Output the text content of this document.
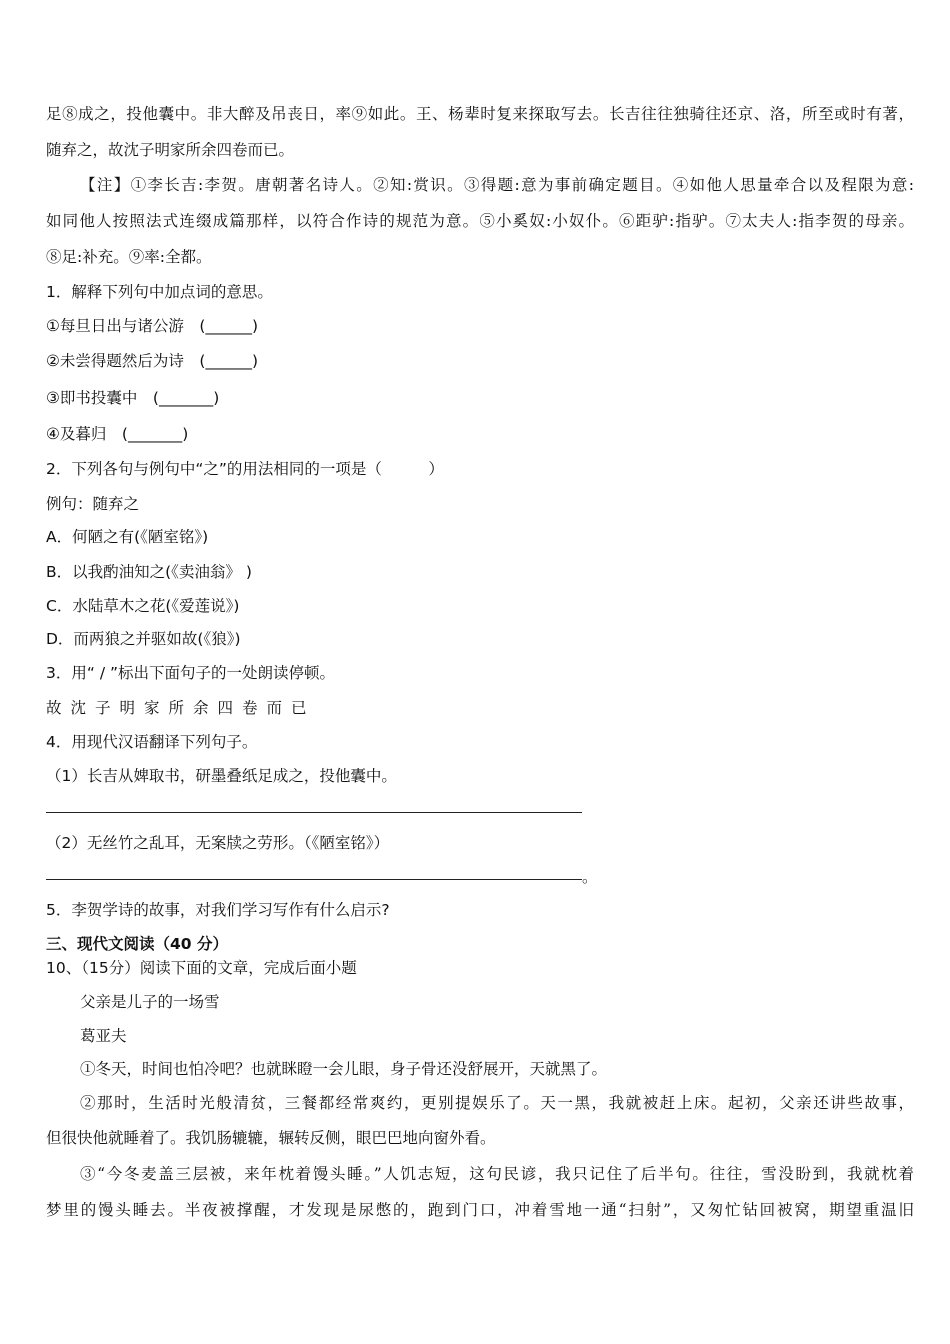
足⑧成之，投他囊中。非大醉及吊丧日，率⑨如此。王、杨辈时复来探取写去。长吉往往独骑往还京、洛，所至或时有著，
随弃之，故沈子明家所余四卷而已。
【注】①李长吉:李贺。唐朝著名诗人。②知:赏识。③得题:意为事前确定题目。④如他人思量牵合以及程限为意:
如同他人按照法式连缀成篇那样，以符合作诗的规范为意。⑤小奚奴:小奴仆。⑥距驴:指驴。⑦太夫人:指李贺的母亲。
⑧足:补充。⑨率:全都。
1．解释下列句中加点词的意思。
①每旦日出与诸公游　(______)
②未尝得题然后为诗　(______)
③即书投囊中　(_______)
④及暮归　(_______)
2．下列各句与例句中“之”的用法相同的一项是（　　　）
例句：随弃之
A．何陋之有(《陋室铭》)
B．以我酌油知之(《卖油翁》 )
C．水陆草木之花(《爱莲说》)
D．而两狼之并驱如故(《狼》)
3．用“ / ”标出下面句子的一处朗读停顿。
故沈子明家所余四卷而已
4．用现代汉语翻译下列句子。
（1）长吉从婢取书，研墨叠纸足成之，投他囊中。
（2）无丝竹之乱耳，无案牍之劳形。（《陋室铭》）
。
5．李贺学诗的故事，对我们学习写作有什么启示?
三、现代文阅读（40 分）
10、（15分）阅读下面的文章，完成后面小题
父亲是儿子的一场雪
葛亚夫
①冬天，时间也怕冷吧？也就眯瞪一会儿眼，身子骨还没舒展开，天就黑了。
②那时，生活时光般清贫，三餐都经常爽约，更别提娱乐了。天一黑，我就被赶上床。起初，父亲还讲些故事，
但很快他就睡着了。我饥肠辘辘，辗转反侧，眼巴巴地向窗外看。
③“今冬麦盖三层被，来年枕着馒头睡。”人饥志短，这句民谚，我只记住了后半句。往往，雪没盼到，我就枕着
梦里的馒头睡去。半夜被撑醒，才发现是尿憋的，跑到门口，冲着雪地一通“扫射”，又匆忙钻回被窝，期望重温旧
